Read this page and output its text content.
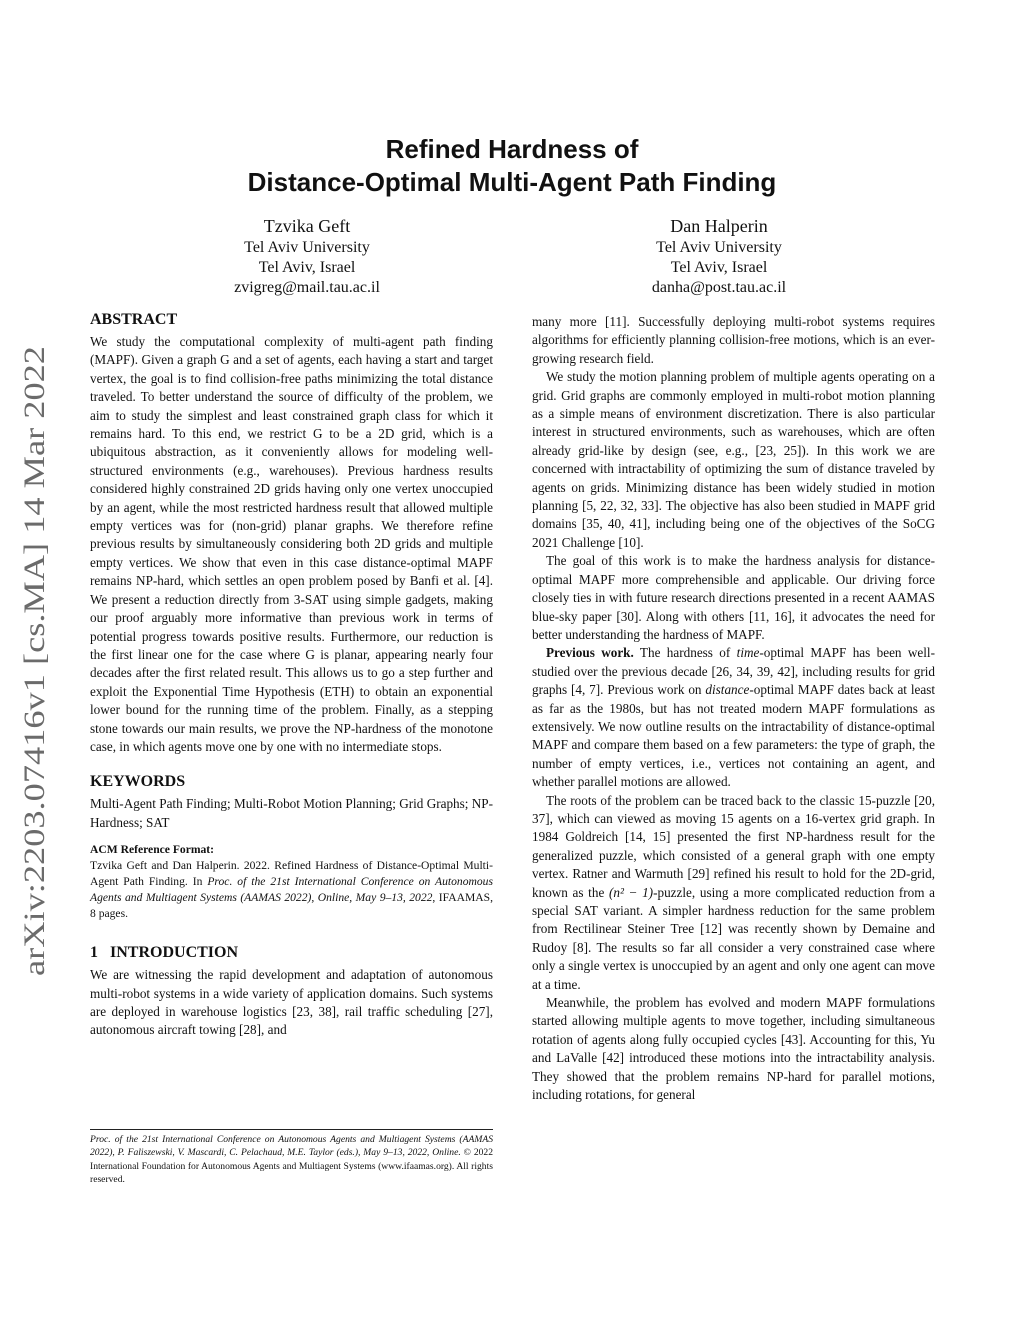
arXiv:2203.07416v1 [cs.MA] 14 Mar 2022
Refined Hardness of
Distance-Optimal Multi-Agent Path Finding
Tzvika Geft
Tel Aviv University
Tel Aviv, Israel
zvigreg@mail.tau.ac.il
Dan Halperin
Tel Aviv University
Tel Aviv, Israel
danha@post.tau.ac.il
ABSTRACT

We study the computational complexity of multi-agent path finding (MAPF). Given a graph G and a set of agents, each having a start and target vertex, the goal is to find collision-free paths minimizing the total distance traveled. To better understand the source of difficulty of the problem, we aim to study the simplest and least constrained graph class for which it remains hard. To this end, we restrict G to be a 2D grid, which is a ubiquitous abstraction, as it conveniently allows for modeling well-structured environments (e.g., warehouses). Previous hardness results considered highly constrained 2D grids having only one vertex unoccupied by an agent, while the most restricted hardness result that allowed multiple empty vertices was for (non-grid) planar graphs. We therefore refine previous results by simultaneously considering both 2D grids and multiple empty vertices. We show that even in this case distance-optimal MAPF remains NP-hard, which settles an open problem posed by Banfi et al. [4]. We present a reduction directly from 3-SAT using simple gadgets, making our proof arguably more informative than previous work in terms of potential progress towards positive results. Furthermore, our reduction is the first linear one for the case where G is planar, appearing nearly four decades after the first related result. This allows us to go a step further and exploit the Exponential Time Hypothesis (ETH) to obtain an exponential lower bound for the running time of the problem. Finally, as a stepping stone towards our main results, we prove the NP-hardness of the monotone case, in which agents move one by one with no intermediate stops.

KEYWORDS

Multi-Agent Path Finding; Multi-Robot Motion Planning; Grid Graphs; NP-Hardness; SAT

ACM Reference Format:

Tzvika Geft and Dan Halperin. 2022. Refined Hardness of Distance-Optimal Multi-Agent Path Finding. In Proc. of the 21st International Conference on Autonomous Agents and Multiagent Systems (AAMAS 2022), Online, May 9–13, 2022, IFAAMAS, 8 pages.

1 INTRODUCTION

We are witnessing the rapid development and adaptation of autonomous multi-robot systems in a wide variety of application domains. Such systems are deployed in warehouse logistics [23, 38], rail traffic scheduling [27], autonomous aircraft towing [28], and

Proc. of the 21st International Conference on Autonomous Agents and Multiagent Systems (AAMAS 2022), P. Faliszewski, V. Mascardi, C. Pelachaud, M.E. Taylor (eds.), May 9–13, 2022, Online. © 2022 International Foundation for Autonomous Agents and Multiagent Systems (www.ifaamas.org). All rights reserved.

many more [11]. Successfully deploying multi-robot systems requires algorithms for efficiently planning collision-free motions, which is an ever-growing research field.

We study the motion planning problem of multiple agents operating on a grid. Grid graphs are commonly employed in multi-robot motion planning as a simple means of environment discretization. There is also particular interest in structured environments, such as warehouses, which are often already grid-like by design (see, e.g., [23, 25]). In this work we are concerned with intractability of optimizing the sum of distance traveled by agents on grids. Minimizing distance has been widely studied in motion planning [5, 22, 32, 33]. The objective has also been studied in MAPF grid domains [35, 40, 41], including being one of the objectives of the SoCG 2021 Challenge [10].

The goal of this work is to make the hardness analysis for distance-optimal MAPF more comprehensible and applicable. Our driving force closely ties in with future research directions presented in a recent AAMAS blue-sky paper [30]. Along with others [11, 16], it advocates the need for better understanding the hardness of MAPF.

Previous work. The hardness of time-optimal MAPF has been well-studied over the previous decade [26, 34, 39, 42], including results for grid graphs [4, 7]. Previous work on distance-optimal MAPF dates back at least as far as the 1980s, but has not treated modern MAPF formulations as extensively. We now outline results on the intractability of distance-optimal MAPF and compare them based on a few parameters: the type of graph, the number of empty vertices, i.e., vertices not containing an agent, and whether parallel motions are allowed.

The roots of the problem can be traced back to the classic 15-puzzle [20, 37], which can viewed as moving 15 agents on a 16-vertex grid graph. In 1984 Goldreich [14, 15] presented the first NP-hardness result for the generalized puzzle, which consisted of a general graph with one empty vertex. Ratner and Warmuth [29] refined his result to hold for the 2D-grid, known as the (n² − 1)-puzzle, using a more complicated reduction from a special SAT variant. A simpler hardness reduction for the same problem from Rectilinear Steiner Tree [12] was recently shown by Demaine and Rudoy [8]. The results so far all consider a very constrained case where only a single vertex is unoccupied by an agent and only one agent can move at a time.

Meanwhile, the problem has evolved and modern MAPF formulations started allowing multiple agents to move together, including simultaneous rotation of agents along fully occupied cycles [43]. Accounting for this, Yu and LaValle [42] introduced these motions into the intractability analysis. They showed that the problem remains NP-hard for parallel motions, including rotations, for general
